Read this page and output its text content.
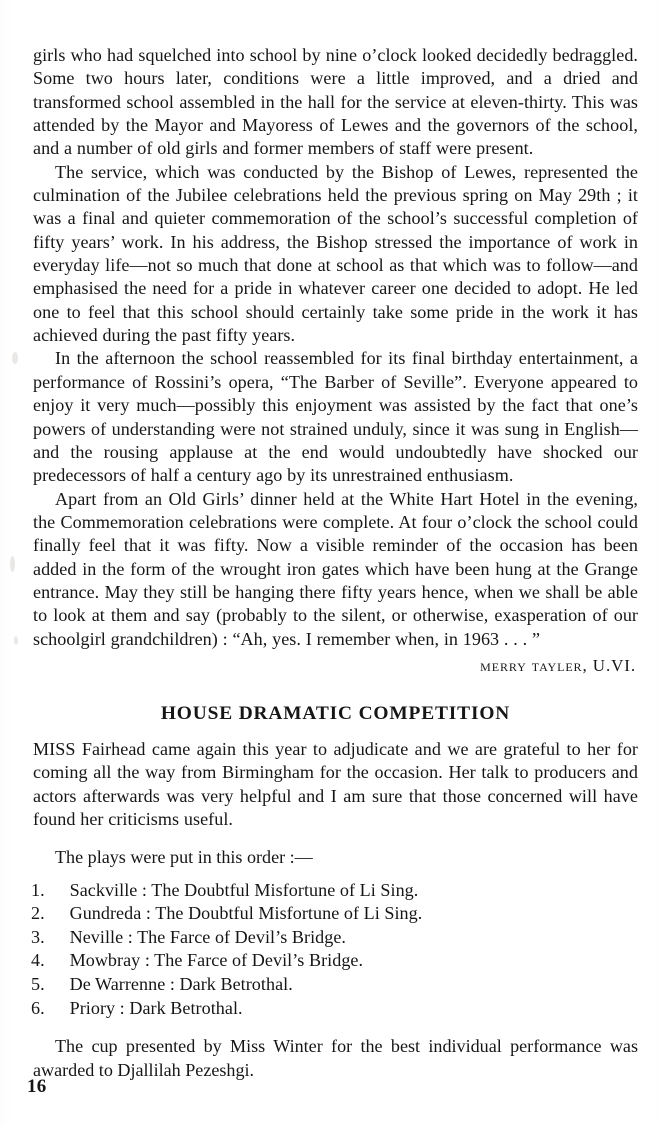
girls who had squelched into school by nine o’clock looked decidedly bedraggled. Some two hours later, conditions were a little improved, and a dried and transformed school assembled in the hall for the service at eleven-thirty. This was attended by the Mayor and Mayoress of Lewes and the governors of the school, and a number of old girls and former members of staff were present.

The service, which was conducted by the Bishop of Lewes, represented the culmination of the Jubilee celebrations held the previous spring on May 29th ; it was a final and quieter commemoration of the school’s successful completion of fifty years’ work. In his address, the Bishop stressed the importance of work in everyday life—not so much that done at school as that which was to follow—and emphasised the need for a pride in whatever career one decided to adopt. He led one to feel that this school should certainly take some pride in the work it has achieved during the past fifty years.

In the afternoon the school reassembled for its final birthday entertainment, a performance of Rossini’s opera, “The Barber of Seville”. Everyone appeared to enjoy it very much—possibly this enjoyment was assisted by the fact that one’s powers of understanding were not strained unduly, since it was sung in English—and the rousing applause at the end would undoubtedly have shocked our predecessors of half a century ago by its unrestrained enthusiasm.

Apart from an Old Girls’ dinner held at the White Hart Hotel in the evening, the Commemoration celebrations were complete. At four o’clock the school could finally feel that it was fifty. Now a visible reminder of the occasion has been added in the form of the wrought iron gates which have been hung at the Grange entrance. May they still be hanging there fifty years hence, when we shall be able to look at them and say (probably to the silent, or otherwise, exasperation of our schoolgirl grandchildren) : “Ah, yes. I remember when, in 1963 . . . ”

merry tayler, U.VI.

HOUSE DRAMATIC COMPETITION

MISS Fairhead came again this year to adjudicate and we are grateful to her for coming all the way from Birmingham for the occasion. Her talk to producers and actors afterwards was very helpful and I am sure that those concerned will have found her criticisms useful.

The plays were put in this order :—

1. Sackville : The Doubtful Misfortune of Li Sing.
2. Gundreda : The Doubtful Misfortune of Li Sing.
3. Neville : The Farce of Devil’s Bridge.
4. Mowbray : The Farce of Devil’s Bridge.
5. De Warrenne : Dark Betrothal.
6. Priory : Dark Betrothal.

The cup presented by Miss Winter for the best individual performance was awarded to Djallilah Pezeshgi.

16
